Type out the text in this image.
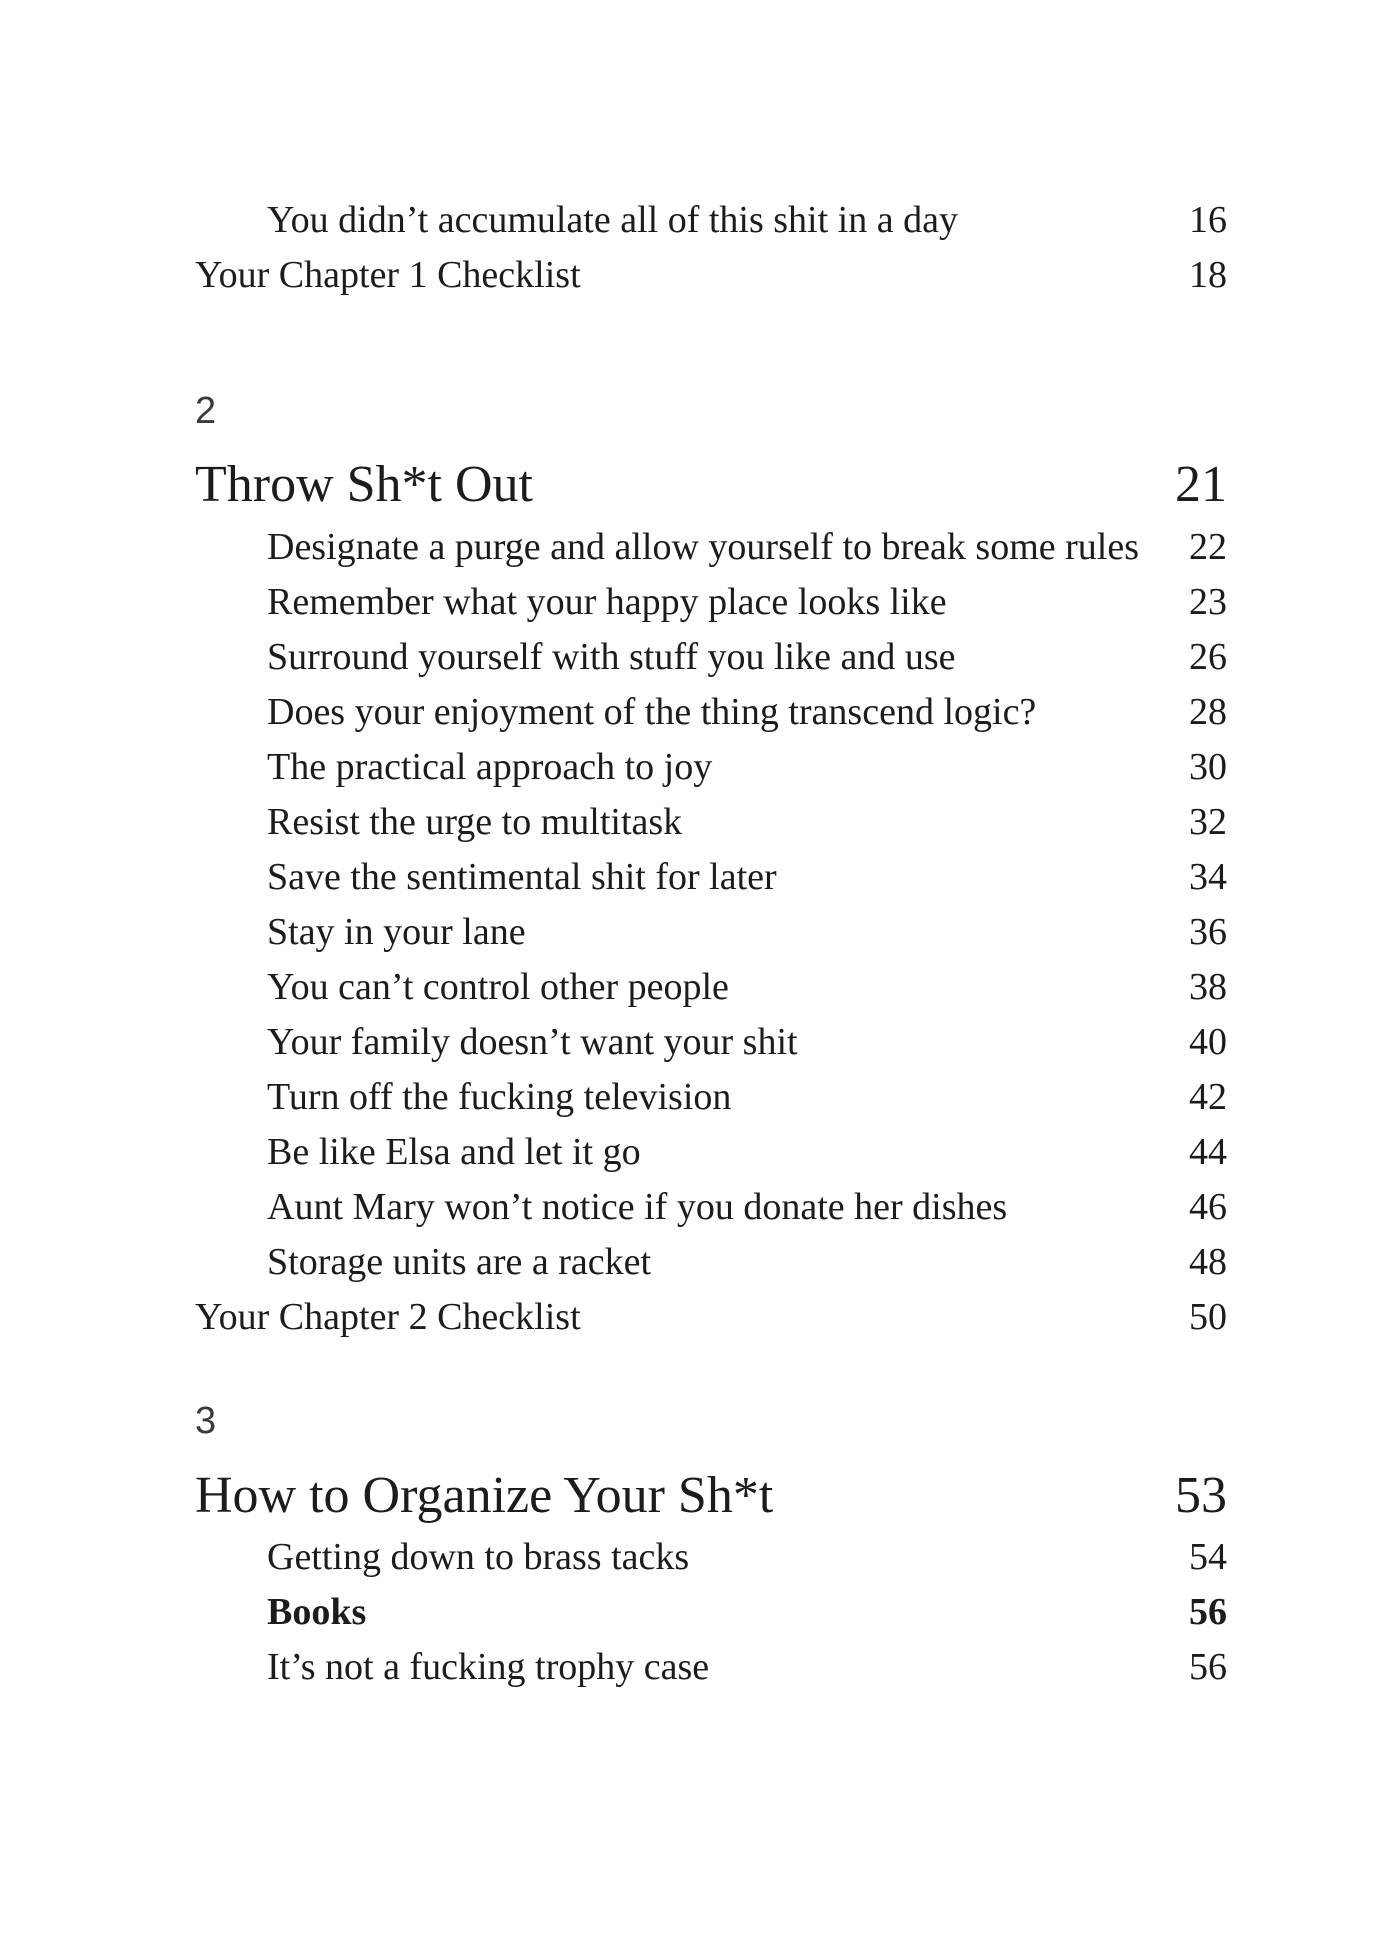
You didn’t accumulate all of this shit in a day	16
Your Chapter 1 Checklist	18
2
Throw Sh*t Out	21
Designate a purge and allow yourself to break some rules 22
Remember what your happy place looks like	23
Surround yourself with stuff you like and use	26
Does your enjoyment of the thing transcend logic?	28
The practical approach to joy	30
Resist the urge to multitask	32
Save the sentimental shit for later	34
Stay in your lane	36
You can’t control other people	38
Your family doesn’t want your shit	40
Turn off the fucking television	42
Be like Elsa and let it go	44
Aunt Mary won’t notice if you donate her dishes	46
Storage units are a racket	48
Your Chapter 2 Checklist	50
3
How to Organize Your Sh*t	53
Getting down to brass tacks	54
Books	56
It’s not a fucking trophy case	56
